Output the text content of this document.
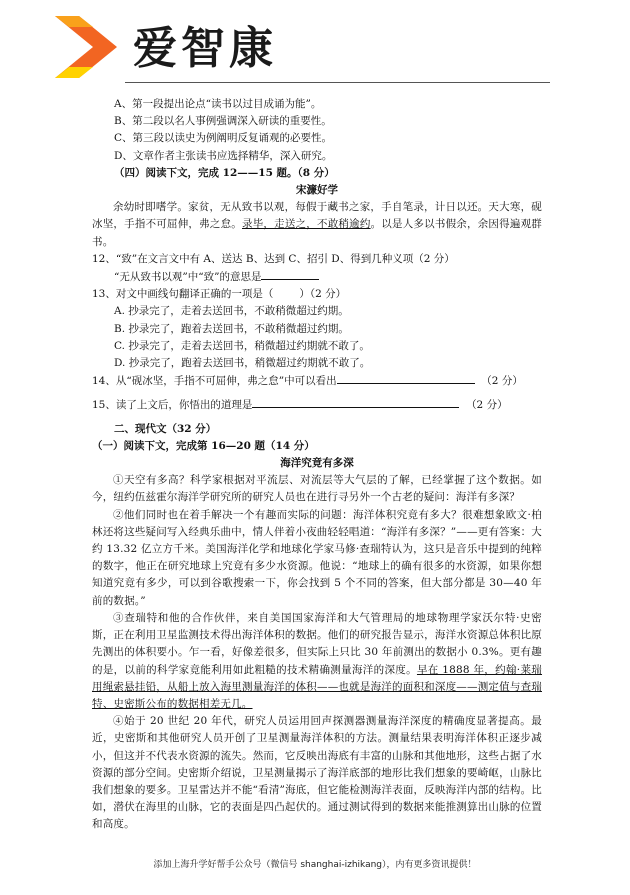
爱智康

A、第一段提出论点“读书以过目成诵为能”。

B、第二段以名人事例强调深入研读的重要性。

C、第三段以读史为例阐明反复诵观的必要性。

D、文章作者主张读书应选择精华，深入研究。

（四）阅读下文，完成 12——15 题。（8 分）

宋濂好学

余幼时即嗜学。家贫，无从致书以观，每假于藏书之家，手自笔录，计日以还。天大寒，砚冰坚，手指不可屈伸，弗之怠。录毕，走送之，不敢稍逾约。以是人多以书假余，余因得遍观群书。

12、“致”在文言文中有 A、送达 B、达到 C、招引 D、得到几种义项（2 分）

“无从致书以观”中“致”的意思是

13、对文中画线句翻译正确的一项是（ ）（2 分）

A. 抄录完了，走着去送回书，不敢稍微超过约期。

B. 抄录完了，跑着去送回书，不敢稍微超过约期。

C. 抄录完了，走着去送回书，稍微超过约期就不敢了。

D. 抄录完了，跑着去送回书，稍微超过约期就不敢了。

14、从“砚冰坚，手指不可屈伸，弗之怠”中可以看出	（2 分）

15、读了上文后，你悟出的道理是	（2 分）

二、现代文（32 分）

（一）阅读下文，完成第 16—20 题（14 分）

海洋究竟有多深

①天空有多高？科学家根据对平流层、对流层等大气层的了解，已经掌握了这个数据。如今，纽约伍兹霍尔海洋学研究所的研究人员也在进行寻另外一个古老的疑问：海洋有多深？

②他们同时也在着手解决一个有趣而实际的问题：海洋体积究竟有多大？很难想象欧文·柏林还将这些疑问写入经典乐曲中，情人伴着小夜曲轻轻唱道：“海洋有多深？”——更有答案：大约 13.32 亿立方千米。美国海洋化学和地球化学家马修·查瑞特认为，这只是音乐中提到的纯粹的数字，他正在研究地球上究竟有多少水资源。他说：“地球上的确有很多的水资源，如果你想知道究竟有多少，可以到谷歌搜索一下，你会找到 5 个不同的答案，但大部分都是 30—40 年前的数据。”

③查瑞特和他的合作伙伴，来自美国国家海洋和大气管理局的地球物理学家沃尔特·史密斯，正在利用卫星监测技术得出海洋体积的数据。他们的研究报告显示，海洋水资源总体积比原先测出的体积要小。乍一看，好像差很多，但实际上只比 30 年前测出的数据小 0.3%。更有趣的是，以前的科学家竟能利用如此粗糙的技术精确测量海洋的深度。早在 1888 年，约翰·莱瑞用绳索悬挂铅，从船上放入海里测量海洋的体积——也就是海洋的面积和深度——测定值与查瑞特、史密斯公布的数据相差无几。

④始于 20 世纪 20 年代，研究人员运用回声探测器测量海洋深度的精确度显著提高。最近，史密斯和其他研究人员开创了卫星测量海洋体积的方法。测量结果表明海洋体积正逐步减小，但这并不代表水资源的流失。然而，它反映出海底有丰富的山脉和其他地形，这些占据了水资源的部分空间。史密斯介绍说，卫星测量揭示了海洋底部的地形比我们想象的要崎岖，山脉比我们想象的要多。卫星雷达并不能“看清”海底，但它能检测海洋表面，反映海洋内部的结构。比如，潜伏在海里的山脉，它的表面是四凸起伏的。通过测试得到的数据来能推测算出山脉的位置和高度。

添加上海升学好帮手公众号（微信号 shanghai-izhikang），内有更多资讯提供！
